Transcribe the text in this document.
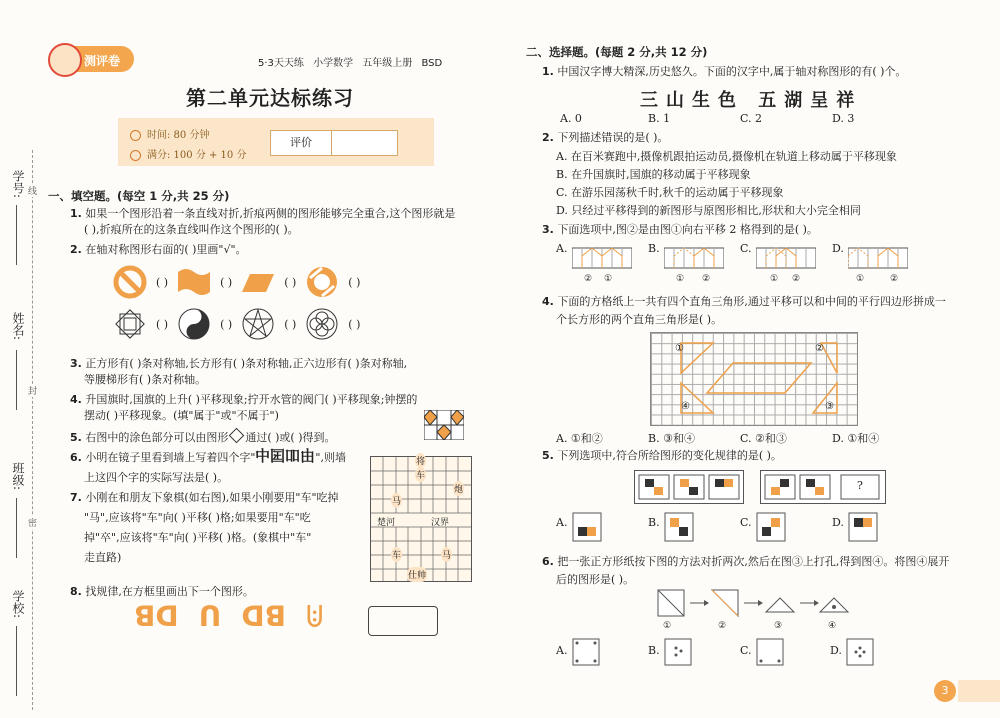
学号:
姓名:
班级:
学校:
线
封
密
测评卷	5·3天天练 小学数学 五年级上册 BSD
第二单元达标练习
时间: 80 分钟
满分: 100 分 + 10 分
评价
一、填空题。(每空 1 分,共 25 分)
1. 如果一个图形沿着一条直线对折,折痕两侧的图形能够完全重合,这个图形就是
( ),折痕所在的这条直线叫作这个图形的( )。
2. 在轴对称图形右面的( )里画"√"。
( )	( )	( )	( )
( )	( )	( )	( )
3. 正方形有( )条对称轴,长方形有( )条对称轴,正六边形有( )条对称轴,
等腰梯形有( )条对称轴。
4. 升国旗时,国旗的上升( )平移现象;拧开水管的阀门( )平移现象;钟摆的
摆动( )平移现象。(填"属于"或"不属于")
5. 右图中的涂色部分可以由图形 通过( )或( )得到。
6. 小明在镜子里看到墙上写着四个字"由吅国中",则墙
上这四个字的实际写法是( )。
7. 小刚在和朋友下象棋(如右图),如果小刚要用"车"吃掉
"马",应该将"车"向( )平移( )格;如果要用"车"吃
掉"卒",应该将"车"向( )平移( )格。(象棋中"车"
走直路)
将
车
炮
马
楚河	汉界
马
车
仕帅
8. 找规律,在方框里画出下一个图形。
ꓭꓷ ꓵ ꓷꓭ ꖹ
二、选择题。(每题 2 分,共 12 分)
1. 中国汉字博大精深,历史悠久。下面的汉字中,属于轴对称图形的有( )个。
三山生色 五湖呈祥
A. 0	B. 1	C. 2	D. 3
2. 下列描述错误的是( )。
A. 在百米赛跑中,摄像机跟拍运动员,摄像机在轨道上移动属于平移现象
B. 在升国旗时,国旗的移动属于平移现象
C. 在游乐园荡秋千时,秋千的运动属于平移现象
D. 只经过平移得到的新图形与原图形相比,形状和大小完全相同
3. 下面选项中,图②是由图①向右平移 2 格得到的是( )。
A.
② ①
B.
① ②
C.
① ②
D.
①	②
4. 下面的方格纸上一共有四个直角三角形,通过平移可以和中间的平行四边形拼成一
个长方形的两个直角三角形是( )。
①	②
③
④
A. ①和②	B. ③和④	C. ②和③	D. ①和④
5. 下列选项中,符合所给图形的变化规律的是( )。
?
A.	B.	C.	D.
6. 把一张正方形纸按下图的方法对折两次,然后在图③上打孔,得到图④。将图④展开
后的图形是( )。
①	②	③	④
A.	B.	C.	D.
3
